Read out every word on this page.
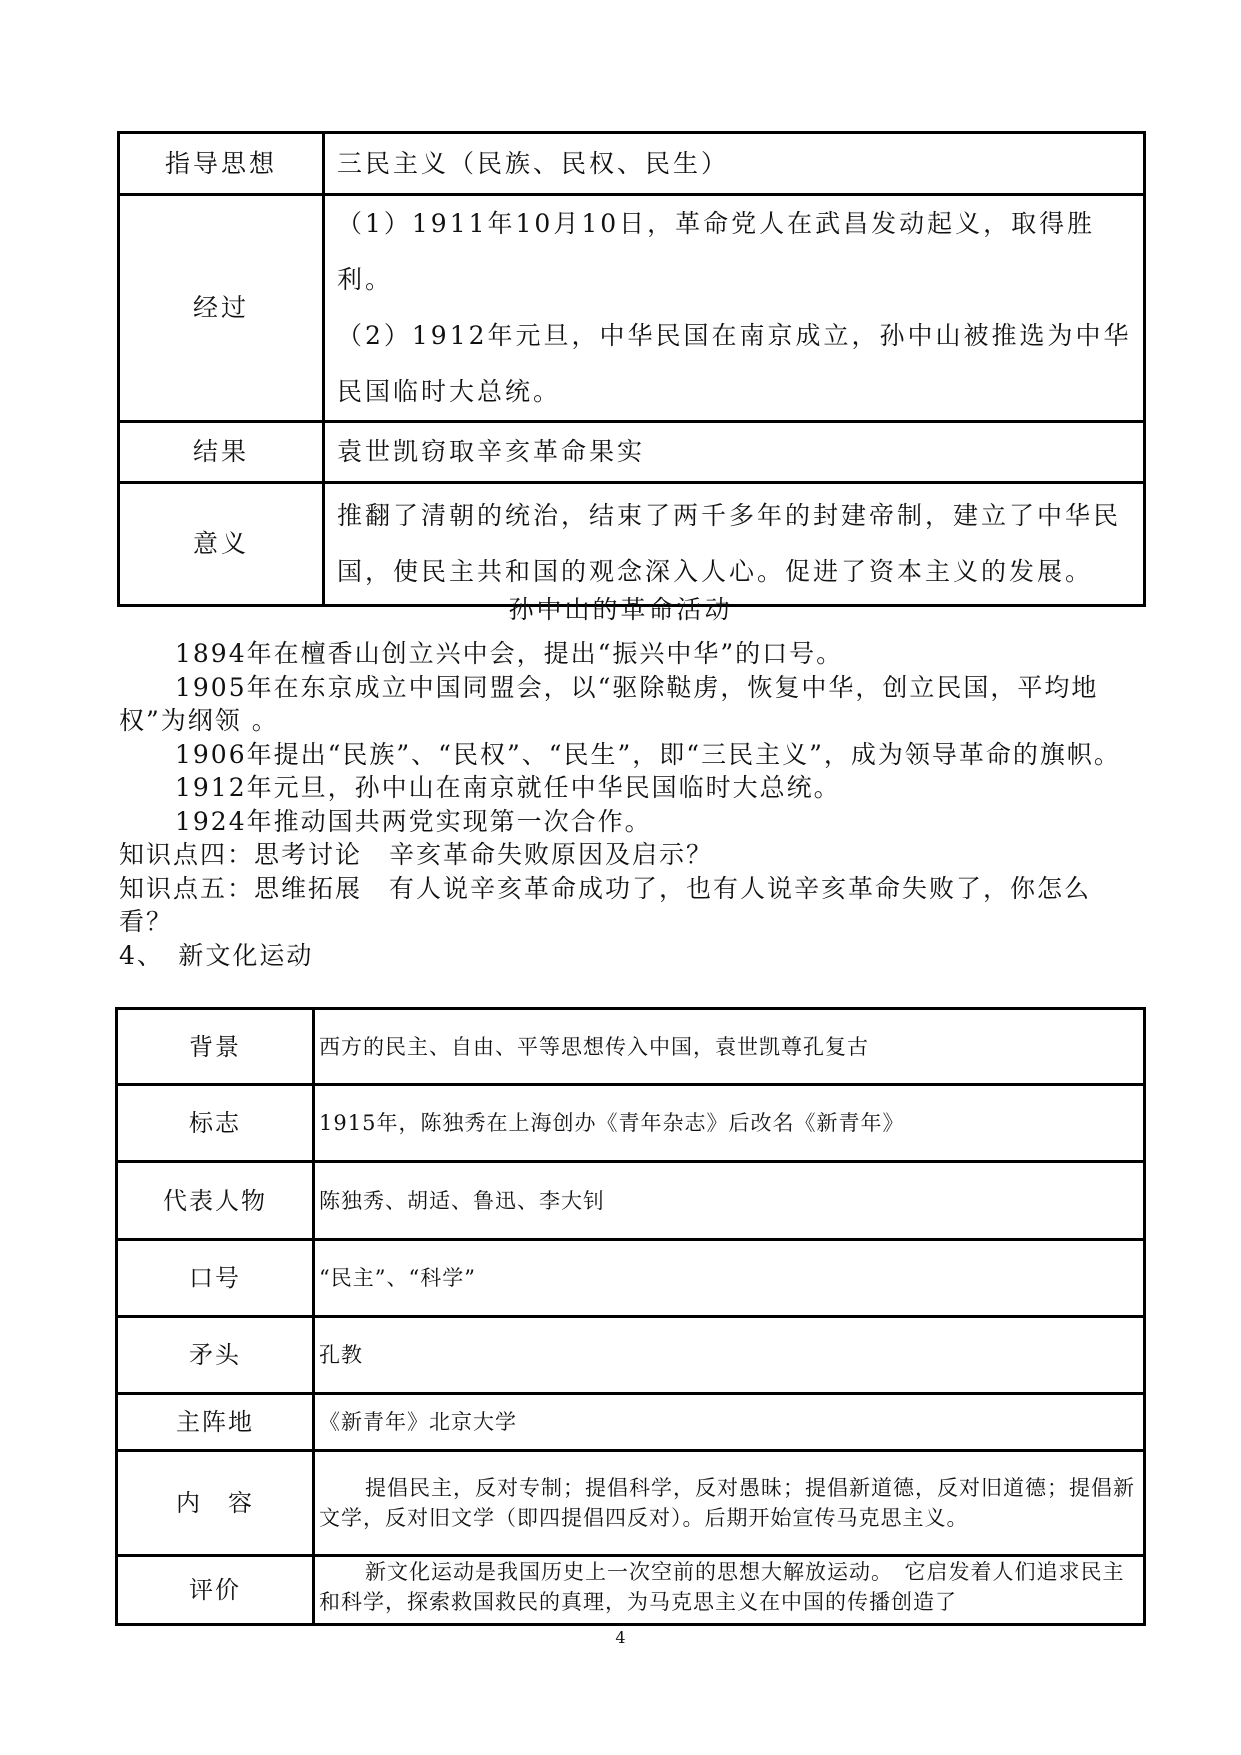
指导思想	三民主义（民族、民权、民生）
经过	（1）1911年10月10日，革命党人在武昌发动起义，取得胜利。
（2）1912年元旦，中华民国在南京成立，孙中山被推选为中华民国临时大总统。

结果	袁世凯窃取辛亥革命果实
意义	推翻了清朝的统治，结束了两千多年的封建帝制，建立了中华民国，使民主共和国的观念深入人心。促进了资本主义的发展。
孙中山的革命活动

1894年在檀香山创立兴中会，提出“振兴中华”的口号。

1905年在东京成立中国同盟会，以“驱除鞑虏，恢复中华，创立民国，平均地权”为纲领 。

1906年提出“民族”、“民权”、“民生”，即“三民主义”，成为领导革命的旗帜。

1912年元旦，孙中山在南京就任中华民国临时大总统。

1924年推动国共两党实现第一次合作。

知识点四：思考讨论　辛亥革命失败原因及启示？

知识点五：思维拓展　有人说辛亥革命成功了，也有人说辛亥革命失败了，你怎么看？

4、　新文化运动

背景	西方的民主、自由、平等思想传入中国，袁世凯尊孔复古
标志	1915年，陈独秀在上海创办《青年杂志》后改名《新青年》
代表人物	陈独秀、胡适、鲁迅、李大钊
口号	“民主”、“科学”
矛头	孔教
主阵地	《新青年》北京大学
内　容	提倡民主，反对专制；提倡科学，反对愚昧；提倡新道德，反对旧道德；提倡新文学，反对旧文学（即四提倡四反对）。后期开始宣传马克思主义。
评价	新文化运动是我国历史上一次空前的思想大解放运动。　它启发着人们追求民主和科学，探索救国救民的真理，为马克思主义在中国的传播创造了
4
